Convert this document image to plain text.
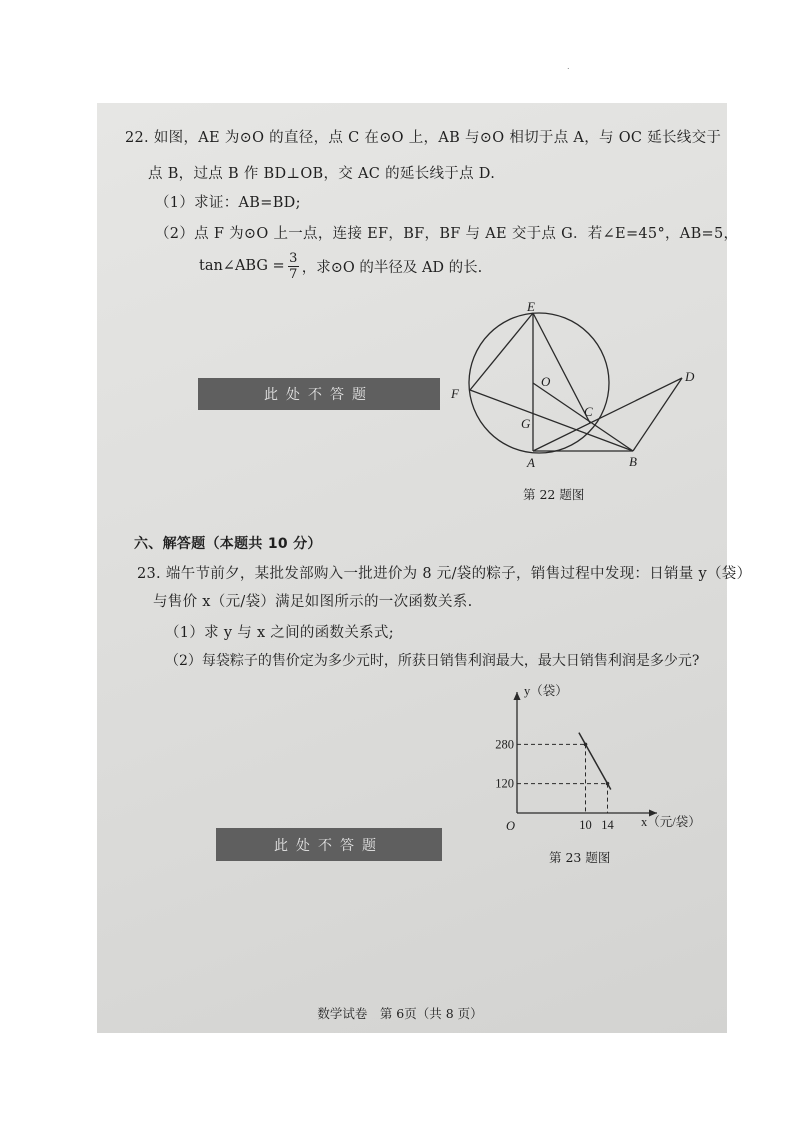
.
22. 如图，AE 为⊙O 的直径，点 C 在⊙O 上，AB 与⊙O 相切于点 A，与 OC 延长线交于
点 B，过点 B 作 BD⊥OB，交 AC 的延长线于点 D.
（1）求证：AB=BD;
（2）点 F 为⊙O 上一点，连接 EF，BF，BF 与 AE 交于点 G．若∠E=45°，AB=5，
tan∠ABG = $\frac{3}{7}$ ，求⊙O 的半径及 AD 的长.
此处不答题
E
O
F
G
C
D
A	B
第 22 题图
六、解答题（本题共 10 分）
23. 端午节前夕，某批发部购入一批进价为 8 元/袋的粽子，销售过程中发现：日销量 y（袋）
与售价 x（元/袋）满足如图所示的一次函数关系.
（1）求 y 与 x 之间的函数关系式;
（2）每袋粽子的售价定为多少元时，所获日销售利润最大，最大日销售利润是多少元?
此处不答题
y（袋）
x（元/袋）
O	10 14
280
120
第 23 题图
数学试卷　第 6页（共 8 页）
